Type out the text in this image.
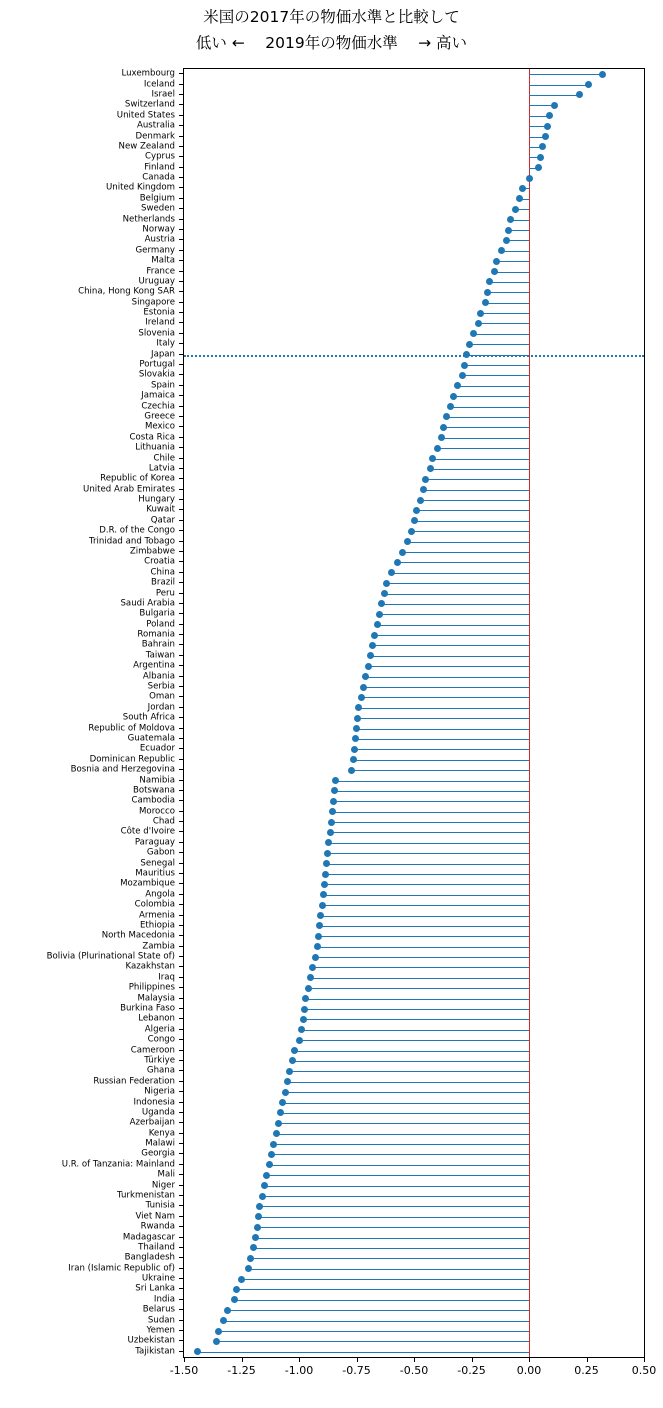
米国の2017年の物価水準と比較して
低い ←　 2019年の物価水準　 → 高い
Luxembourg
Iceland
Israel
Switzerland
United States
Australia
Denmark
New Zealand
Cyprus
Finland
Canada
United Kingdom
Belgium
Sweden
Netherlands
Norway
Austria
Germany
Malta
France
Uruguay
China, Hong Kong SAR
Singapore
Estonia
Ireland
Slovenia
Italy
Japan
Portugal
Slovakia
Spain
Jamaica
Czechia
Greece
Mexico
Costa Rica
Lithuania
Chile
Latvia
Republic of Korea
United Arab Emirates
Hungary
Kuwait
Qatar
D.R. of the Congo
Trinidad and Tobago
Zimbabwe
Croatia
China
Brazil
Peru
Saudi Arabia
Bulgaria
Poland
Romania
Bahrain
Taiwan
Argentina
Albania
Serbia
Oman
Jordan
South Africa
Republic of Moldova
Guatemala
Ecuador
Dominican Republic
Bosnia and Herzegovina
Namibia
Botswana
Cambodia
Morocco
Chad
Côte d'Ivoire
Paraguay
Gabon
Senegal
Mauritius
Mozambique
Angola
Colombia
Armenia
Ethiopia
North Macedonia
Zambia
Bolivia (Plurinational State of)
Kazakhstan
Iraq
Philippines
Malaysia
Burkina Faso
Lebanon
Algeria
Congo
Cameroon
Türkiye
Ghana
Russian Federation
Nigeria
Indonesia
Uganda
Azerbaijan
Kenya
Malawi
Georgia
U.R. of Tanzania: Mainland
Mali
Niger
Turkmenistan
Tunisia
Viet Nam
Rwanda
Madagascar
Thailand
Bangladesh
Iran (Islamic Republic of)
Ukraine
Sri Lanka
India
Belarus
Sudan
Yemen
Uzbekistan
Tajikistan
-1.50	-1.25	-1.00	-0.75	-0.50	-0.25	0.00	0.25	0.50
